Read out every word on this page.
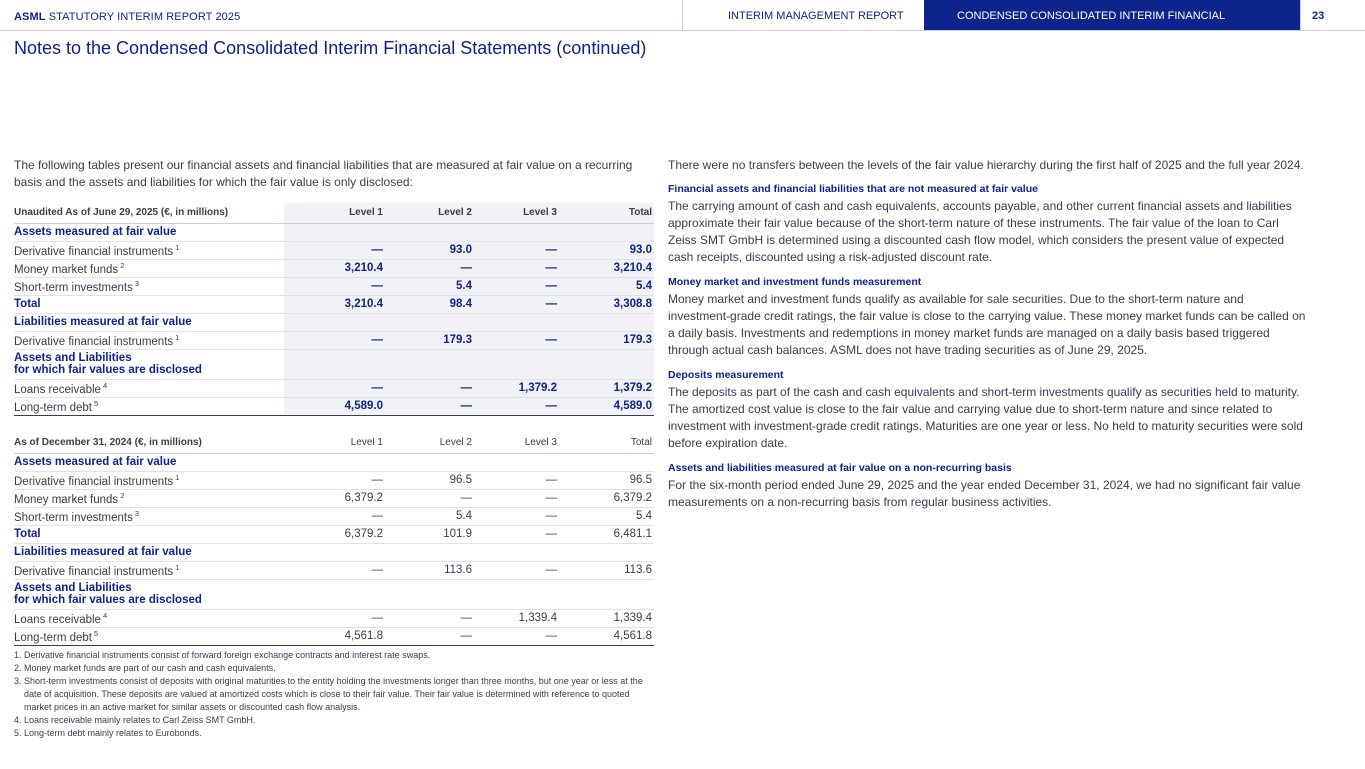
ASML STATUTORY INTERIM REPORT 2025	INTERIM MANAGEMENT REPORT	CONDENSED CONSOLIDATED INTERIM FINANCIAL STATEMENTS
23
Notes to the Condensed Consolidated Interim Financial Statements (continued)

The following tables present our financial assets and financial liabilities that are measured at fair value on a recurring basis and the assets and liabilities for which the fair value is only disclosed:

Unaudited As of June 29, 2025 (€, in millions)	Level 1	Level 2	Level 3	Total
Assets measured at fair value				
Derivative financial instruments $^1$	—	93.0	—	93.0
Money market funds $^2$	3,210.4	—	—	3,210.4
Short-term investments $^3$	—	5.4	—	5.4
Total	3,210.4	98.4	—	3,308.8
Liabilities measured at fair value				
Derivative financial instruments $^1$	—	179.3	—	179.3
Assets and Liabilities
for which fair values are disclosed				
Loans receivable $^4$	—	—	1,379.2	1,379.2
Long-term debt $^5$	4,589.0	—	—	4,589.0
As of December 31, 2024 (€, in millions)	Level 1	Level 2	Level 3	Total
Assets measured at fair value				
Derivative financial instruments $^1$	—	96.5	—	96.5
Money market funds $^2$	6,379.2	—	—	6,379.2
Short-term investments $^3$	—	5.4	—	5.4
Total	6,379.2	101.9	—	6,481.1
Liabilities measured at fair value				
Derivative financial instruments $^1$	—	113.6	—	113.6
Assets and Liabilities
for which fair values are disclosed				
Loans receivable $^4$	—	—	1,339.4	1,339.4
Long-term debt $^5$	4,561.8	—	—	4,561.8
1. Derivative financial instruments consist of forward foreign exchange contracts and interest rate swaps.
2. Money market funds are part of our cash and cash equivalents.
3. Short-term investments consist of deposits with original maturities to the entity holding the investments longer than three months, but one year or less at the date of acquisition. These deposits are valued at amortized costs which is close to their fair value. Their fair value is determined with reference to quoted market prices in an active market for similar assets or discounted cash flow analysis.
4. Loans receivable mainly relates to Carl Zeiss SMT GmbH.
5. Long-term debt mainly relates to Eurobonds.

There were no transfers between the levels of the fair value hierarchy during the first half of 2025 and the full year 2024.

Financial assets and financial liabilities that are not measured at fair value

The carrying amount of cash and cash equivalents, accounts payable, and other current financial assets and liabilities approximate their fair value because of the short-term nature of these instruments. The fair value of the loan to Carl Zeiss SMT GmbH is determined using a discounted cash flow model, which considers the present value of expected cash receipts, discounted using a risk-adjusted discount rate.

Money market and investment funds measurement

Money market and investment funds qualify as available for sale securities. Due to the short-term nature and investment-grade credit ratings, the fair value is close to the carrying value. These money market funds can be called on a daily basis. Investments and redemptions in money market funds are managed on a daily basis based triggered through actual cash balances. ASML does not have trading securities as of June 29, 2025.

Deposits measurement

The deposits as part of the cash and cash equivalents and short-term investments qualify as securities held to maturity. The amortized cost value is close to the fair value and carrying value due to short-term nature and since related to investment with investment-grade credit ratings. Maturities are one year or less. No held to maturity securities were sold before expiration date.

Assets and liabilities measured at fair value on a non-recurring basis

For the six-month period ended June 29, 2025 and the year ended December 31, 2024, we had no significant fair value measurements on a non-recurring basis from regular business activities.
